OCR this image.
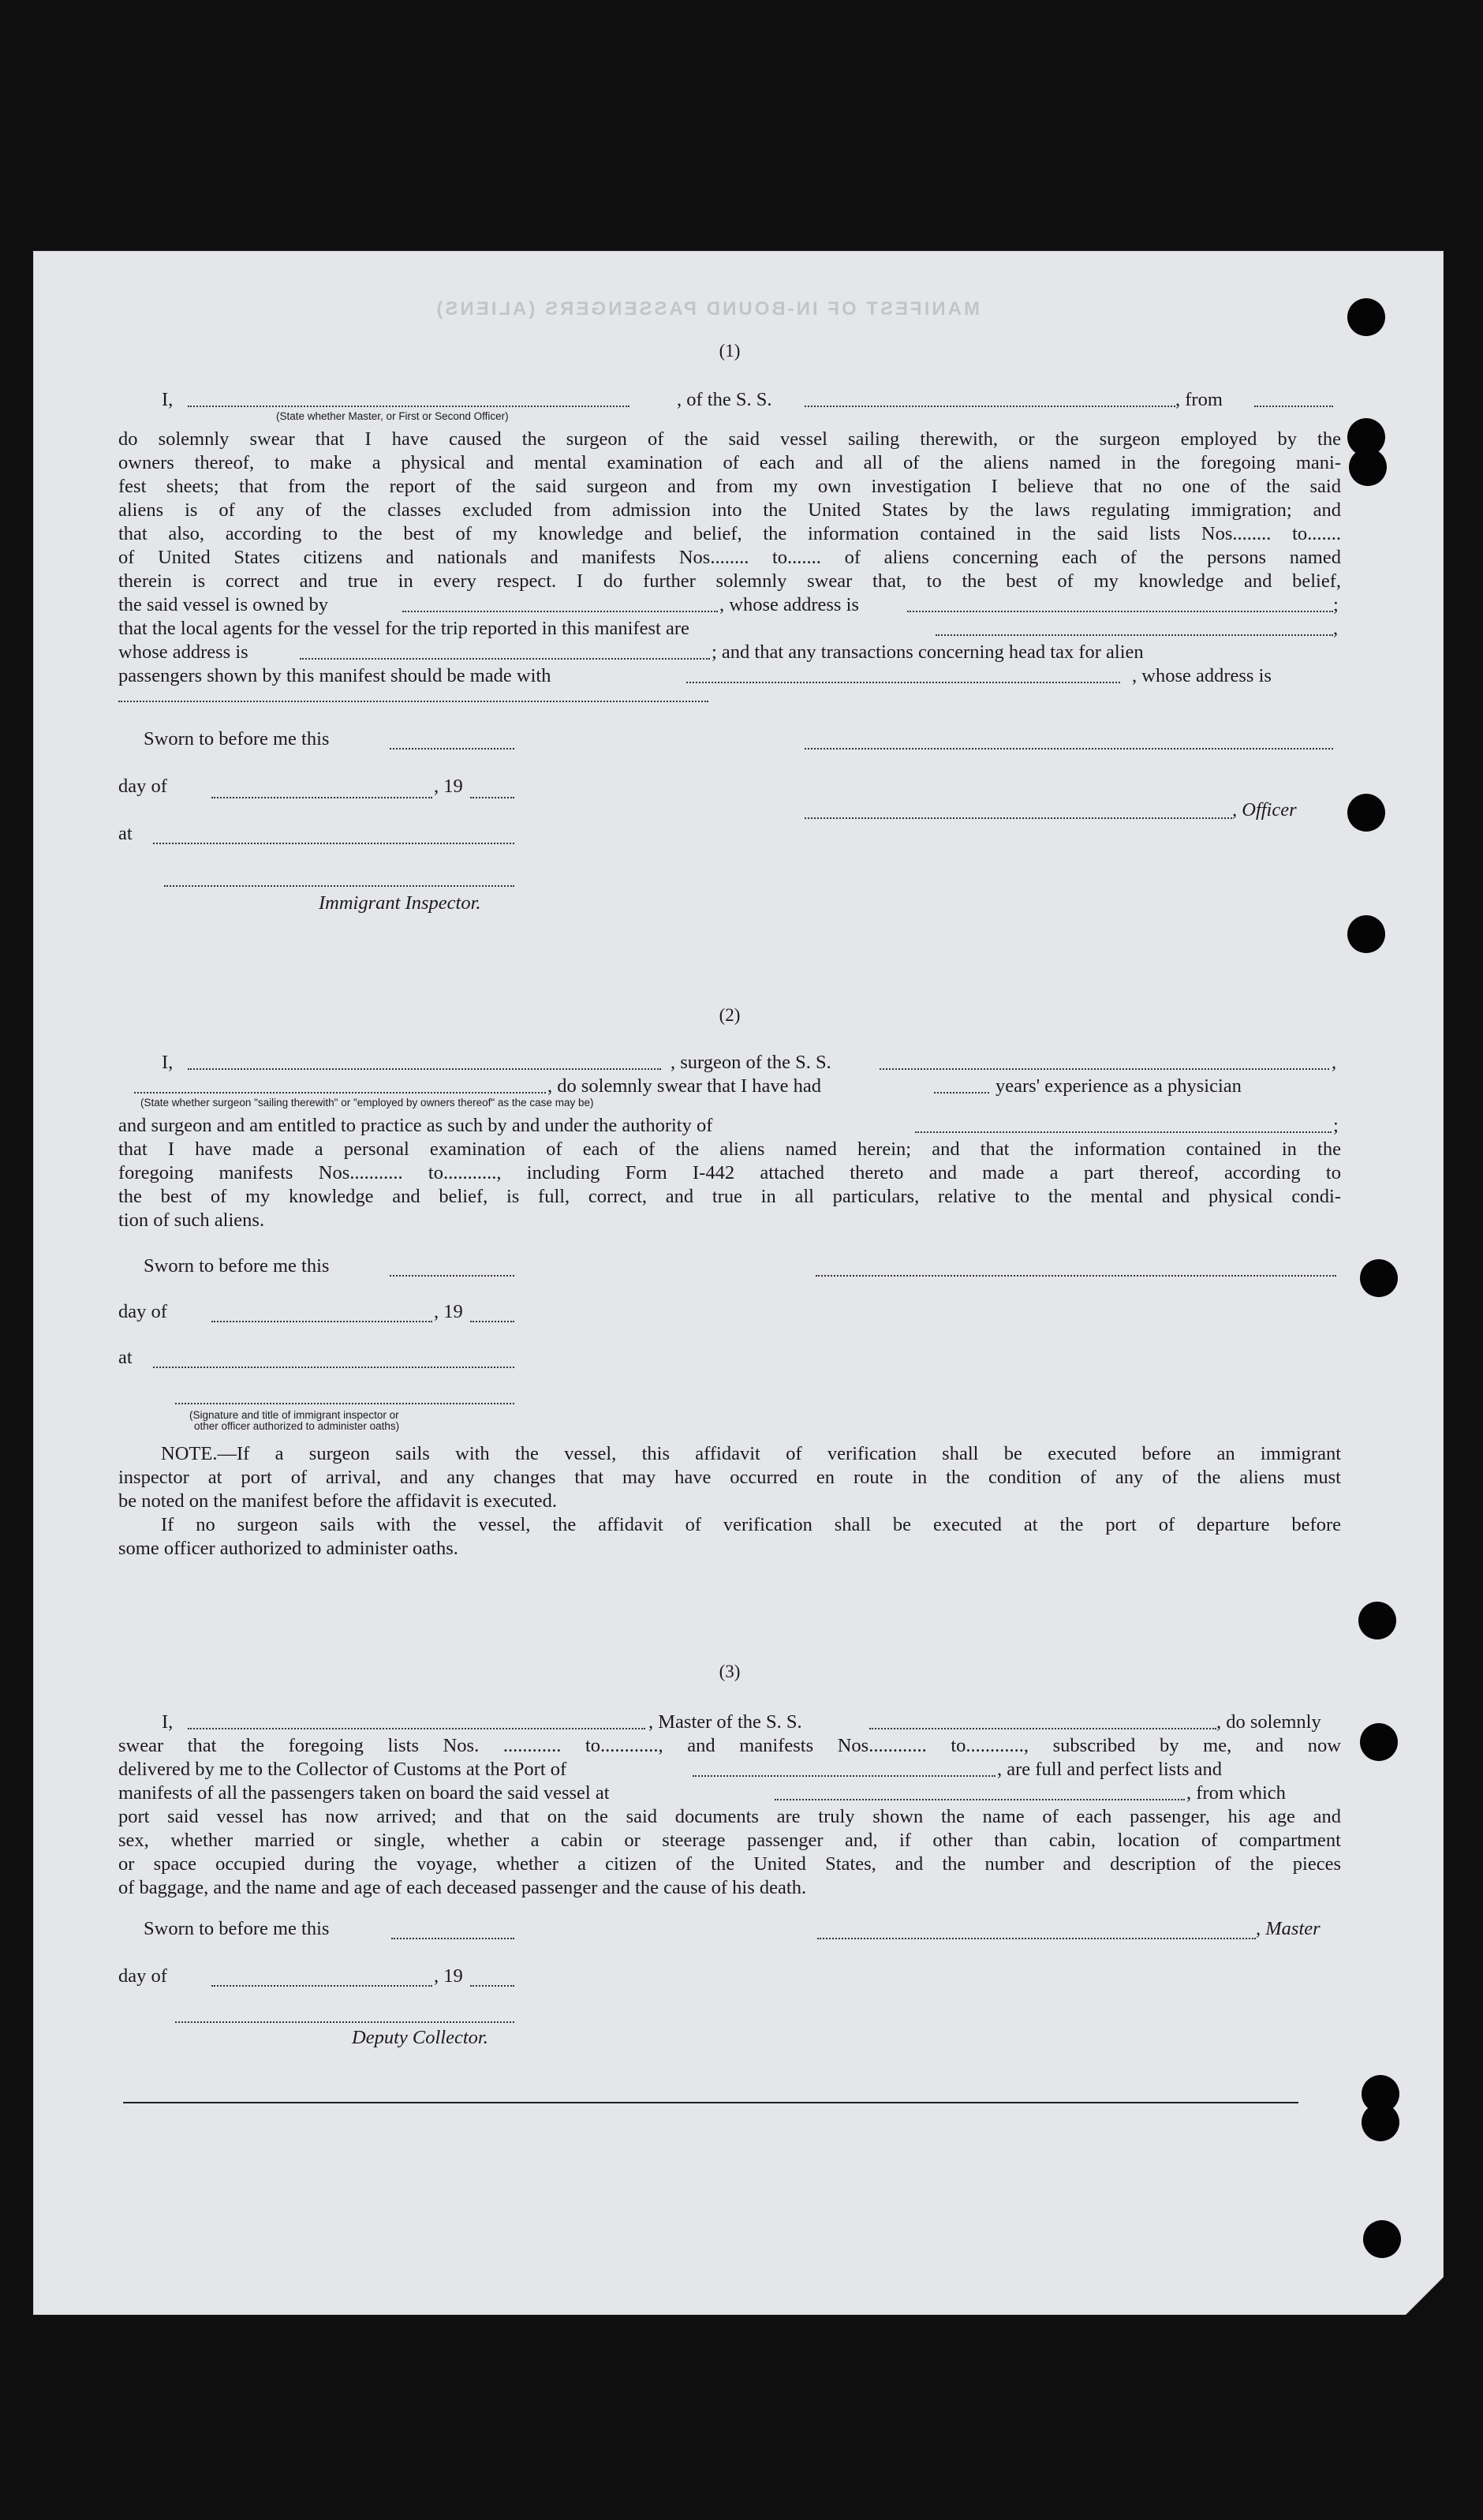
MANIFEST OF IN-BOUND PASSENGERS (ALIENS)
(1)
I,	, of the S. S.	, from
(State whether Master, or First or Second Officer)
do solemnly swear that I have caused the surgeon of the said vessel sailing therewith, or the surgeon employed by the
owners thereof, to make a physical and mental examination of each and all of the aliens named in the foregoing mani-
fest sheets; that from the report of the said surgeon and from my own investigation I believe that no one of the said
aliens is of any of the classes excluded from admission into the United States by the laws regulating immigration; and
that also, according to the best of my knowledge and belief, the information contained in the said lists Nos........ to.......
of United States citizens and nationals and manifests Nos........ to....... of aliens concerning each of the persons named
therein is correct and true in every respect. I do further solemnly swear that, to the best of my knowledge and belief,
the said vessel is owned by	, whose address is	;
that the local agents for the vessel for the trip reported in this manifest are	,
whose address is	; and that any transactions concerning head tax for alien
passengers shown by this manifest should be made with	, whose address is
Sworn to before me this
day of	, 19
, Officer
at
Immigrant Inspector.
(2)
I,	, surgeon of the S. S.	,
, do solemnly swear that I have had	years' experience as a physician
(State whether surgeon "sailing therewith" or "employed by owners thereof" as the case may be)
and surgeon and am entitled to practice as such by and under the authority of	;
that I have made a personal examination of each of the aliens named herein; and that the information contained in the
foregoing manifests Nos........... to..........., including Form I-442 attached thereto and made a part thereof, according to
the best of my knowledge and belief, is full, correct, and true in all particulars, relative to the mental and physical condi-
tion of such aliens.
Sworn to before me this
day of	, 19
at
(Signature and title of immigrant inspector or
other officer authorized to administer oaths)
NOTE.—If a surgeon sails with the vessel, this affidavit of verification shall be executed before an immigrant
inspector at port of arrival, and any changes that may have occurred en route in the condition of any of the aliens must
be noted on the manifest before the affidavit is executed.
If no surgeon sails with the vessel, the affidavit of verification shall be executed at the port of departure before
some officer authorized to administer oaths.
(3)
I,	, Master of the S. S.	, do solemnly
swear that the foregoing lists Nos. ............ to............, and manifests Nos............ to............, subscribed by me, and now
delivered by me to the Collector of Customs at the Port of	, are full and perfect lists and
manifests of all the passengers taken on board the said vessel at	, from which
port said vessel has now arrived; and that on the said documents are truly shown the name of each passenger, his age and
sex, whether married or single, whether a cabin or steerage passenger and, if other than cabin, location of compartment
or space occupied during the voyage, whether a citizen of the United States, and the number and description of the pieces
of baggage, and the name and age of each deceased passenger and the cause of his death.
Sworn to before me this	, Master
day of	, 19
Deputy Collector.
